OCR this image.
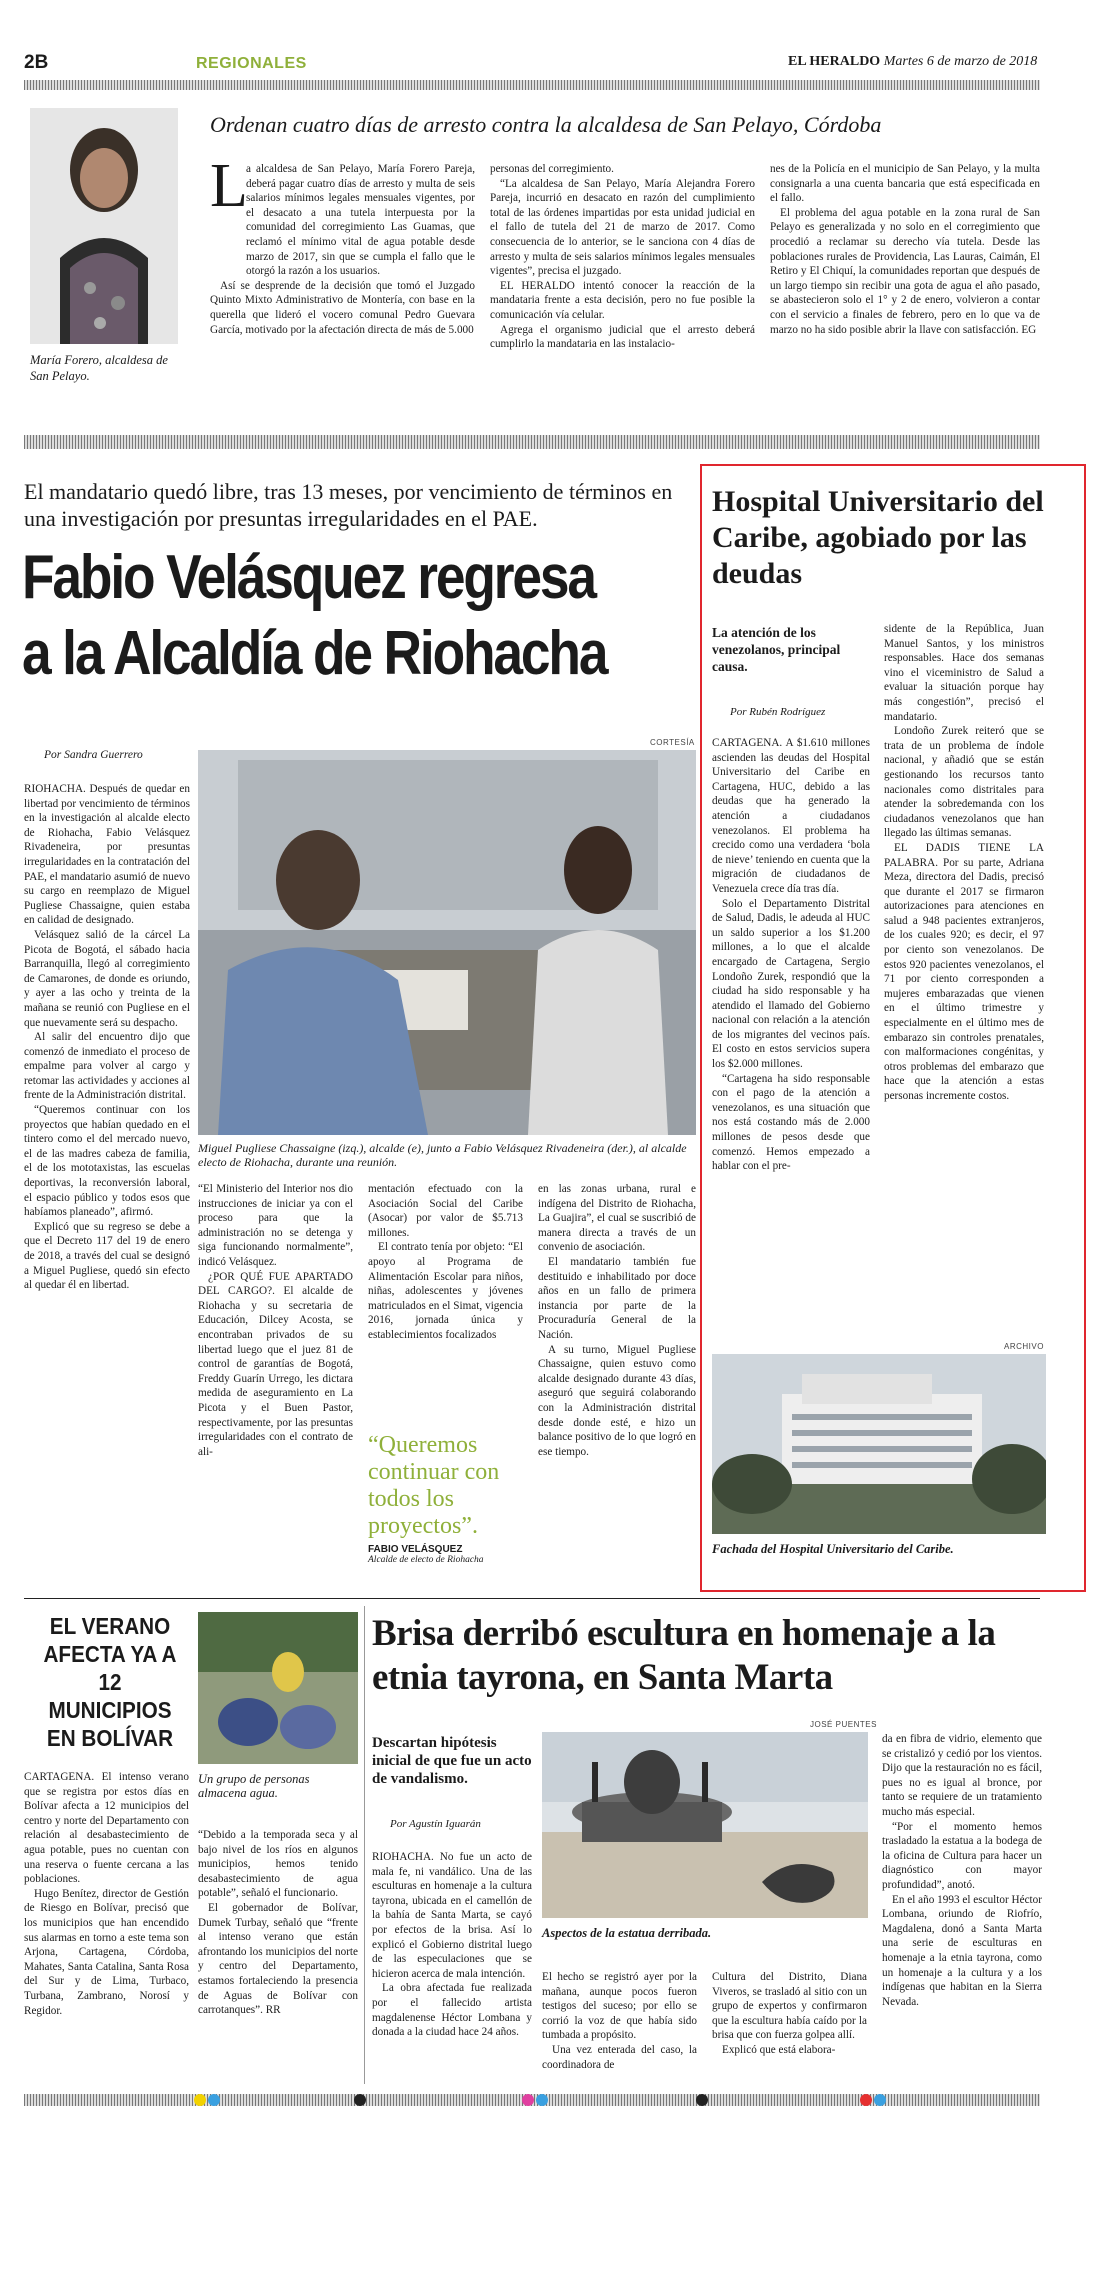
2B	REGIONALES	EL HERALDO Martes 6 de marzo de 2018
María Forero, alcaldesa de San Pelayo.
Ordenan cuatro días de arresto contra la alcaldesa de San Pelayo, Córdoba
L

a alcaldesa de San Pelayo, María Forero Pareja, deberá pagar cuatro días de arresto y multa de seis salarios mínimos legales mensuales vigentes, por el desacato a una tutela interpuesta por la comunidad del corregimiento Las Guamas, que reclamó el mínimo vital de agua potable desde marzo de 2017, sin que se cumpla el fallo que le otorgó la razón a los usuarios.

Así se desprende de la decisión que tomó el Juzgado Quinto Mixto Administrativo de Montería, con base en la querella que lideró el vocero comunal Pedro Guevara García, motivado por la afectación directa de más de 5.000

personas del corregimiento.

“La alcaldesa de San Pelayo, María Alejandra Forero Pareja, incurrió en desacato en razón del cumplimiento total de las órdenes impartidas por esta unidad judicial en el fallo de tutela del 21 de marzo de 2017. Como consecuencia de lo anterior, se le sanciona con 4 días de arresto y multa de seis salarios mínimos legales mensuales vigentes”, precisa el juzgado.

EL HERALDO intentó conocer la reacción de la mandataria frente a esta decisión, pero no fue posible la comunicación vía celular.

Agrega el organismo judicial que el arresto deberá cumplirlo la mandataria en las instalacio-

nes de la Policía en el municipio de San Pelayo, y la multa consignarla a una cuenta bancaria que está especificada en el fallo.

El problema del agua potable en la zona rural de San Pelayo es generalizada y no solo en el corregimiento que procedió a reclamar su derecho vía tutela. Desde las poblaciones rurales de Providencia, Las Lauras, Caimán, El Retiro y El Chiquí, la comunidades reportan que después de un largo tiempo sin recibir una gota de agua el año pasado, se abastecieron solo el 1° y 2 de enero, volvieron a contar con el servicio a finales de febrero, pero en lo que va de marzo no ha sido posible abrir la llave con satisfacción. EG

El mandatario quedó libre, tras 13 meses, por vencimiento de términos en una investigación por presuntas irregularidades en el PAE.
Fabio Velásquez regresa
a la Alcaldía de Riohacha
Por Sandra Guerrero

RIOHACHA. Después de quedar en libertad por vencimiento de términos en la investigación al alcalde electo de Riohacha, Fabio Velásquez Rivadeneira, por presuntas irregularidades en la contratación del PAE, el mandatario asumió de nuevo su cargo en reemplazo de Miguel Pugliese Chassaigne, quien estaba en calidad de designado.

Velásquez salió de la cárcel La Picota de Bogotá, el sábado hacia Barranquilla, llegó al corregimiento de Camarones, de donde es oriundo, y ayer a las ocho y treinta de la mañana se reunió con Pugliese en el que nuevamente será su despacho.

Al salir del encuentro dijo que comenzó de inmediato el proceso de empalme para volver al cargo y retomar las actividades y acciones al frente de la Administración distrital.

“Queremos continuar con los proyectos que habían quedado en el tintero como el del mercado nuevo, el de las madres cabeza de familia, el de los mototaxistas, las escuelas deportivas, la reconversión laboral, el espacio público y todos esos que habíamos planeado”, afirmó.

Explicó que su regreso se debe a que el Decreto 117 del 19 de enero de 2018, a través del cual se designó a Miguel Pugliese, quedó sin efecto al quedar él en libertad.

CORTESÍA
Miguel Pugliese Chassaigne (izq.), alcalde (e), junto a Fabio Velásquez Rivadeneira (der.), al alcalde electo de Riohacha, durante una reunión.

“El Ministerio del Interior nos dio instrucciones de iniciar ya con el proceso para que la administración no se detenga y siga funcionando normalmente”, indicó Velásquez.

¿POR QUÉ FUE APARTADO DEL CARGO?. El alcalde de Riohacha y su secretaria de Educación, Dilcey Acosta, se encontraban privados de su libertad luego que el juez 81 de control de garantías de Bogotá, Freddy Guarín Urrego, les dictara medida de aseguramiento en La Picota y el Buen Pastor, respectivamente, por las presuntas irregularidades con el contrato de ali-

mentación efectuado con la Asociación Social del Caribe (Asocar) por valor de $5.713 millones.

El contrato tenía por objeto: “El apoyo al Programa de Alimentación Escolar para niños, niñas, adolescentes y jóvenes matriculados en el Simat, vigencia 2016, jornada única y establecimientos focalizados

“Queremos continuar con todos los proyectos”.
FABIO VELÁSQUEZ
Alcalde de electo de Riohacha

en las zonas urbana, rural e indígena del Distrito de Riohacha, La Guajira”, el cual se suscribió de manera directa a través de un convenio de asociación.

El mandatario también fue destituido e inhabilitado por doce años en un fallo de primera instancia por parte de la Procuraduría General de la Nación.

A su turno, Miguel Pugliese Chassaigne, quien estuvo como alcalde designado durante 43 días, aseguró que seguirá colaborando con la Administración distrital desde donde esté, e hizo un balance positivo de lo que logró en ese tiempo.

Hospital Universitario del Caribe, agobiado por las deudas
La atención de los venezolanos, principal causa.
Por Rubén Rodríguez

CARTAGENA. A $1.610 millones ascienden las deudas del Hospital Universitario del Caribe en Cartagena, HUC, debido a las deudas que ha generado la atención a ciudadanos venezolanos. El problema ha crecido como una verdadera ‘bola de nieve’ teniendo en cuenta que la migración de ciudadanos de Venezuela crece día tras día.

Solo el Departamento Distrital de Salud, Dadis, le adeuda al HUC un saldo superior a los $1.200 millones, a lo que el alcalde encargado de Cartagena, Sergio Londoño Zurek, respondió que la ciudad ha sido responsable y ha atendido el llamado del Gobierno nacional con relación a la atención de los migrantes del vecinos país. El costo en estos servicios supera los $2.000 millones.

“Cartagena ha sido responsable con el pago de la atención a venezolanos, es una situación que nos está costando más de 2.000 millones de pesos desde que comenzó. Hemos empezado a hablar con el pre-

sidente de la República, Juan Manuel Santos, y los ministros responsables. Hace dos semanas vino el viceministro de Salud a evaluar la situación porque hay más congestión”, precisó el mandatario.

Londoño Zurek reiteró que se trata de un problema de índole nacional, y añadió que se están gestionando los recursos tanto nacionales como distritales para atender la sobredemanda con los ciudadanos venezolanos que han llegado las últimas semanas.

EL DADIS TIENE LA PALABRA. Por su parte, Adriana Meza, directora del Dadis, precisó que durante el 2017 se firmaron autorizaciones para atenciones en salud a 948 pacientes extranjeros, de los cuales 920; es decir, el 97 por ciento son venezolanos. De estos 920 pacientes venezolanos, el 71 por ciento corresponden a mujeres embarazadas que vienen en el último trimestre y especialmente en el último mes de embarazo sin controles prenatales, con malformaciones congénitas, y otros problemas del embarazo que hace que la atención a estas personas incremente costos.

ARCHIVO
Fachada del Hospital Universitario del Caribe.
EL VERANO AFECTA YA A 12 MUNICIPIOS EN BOLÍVAR
Un grupo de personas almacena agua.

CARTAGENA. El intenso verano que se registra por estos días en Bolívar afecta a 12 municipios del centro y norte del Departamento con relación al desabastecimiento de agua potable, pues no cuentan con una reserva o fuente cercana a las poblaciones.

Hugo Benítez, director de Gestión de Riesgo en Bolívar, precisó que los municipios que han encendido sus alarmas en torno a este tema son Arjona, Cartagena, Córdoba, Mahates, Santa Catalina, Santa Rosa del Sur y de Lima, Turbaco, Turbana, Zambrano, Norosí y Regidor.

“Debido a la temporada seca y al bajo nivel de los ríos en algunos municipios, hemos tenido desabastecimiento de agua potable”, señaló el funcionario.

El gobernador de Bolívar, Dumek Turbay, señaló que “frente al intenso verano que están afrontando los municipios del norte y centro del Departamento, estamos fortaleciendo la presencia de Aguas de Bolívar con carrotanques”. RR

Brisa derribó escultura en homenaje a la etnia tayrona, en Santa Marta
Descartan hipótesis inicial de que fue un acto de vandalismo.
Por Agustín Iguarán
JOSÉ PUENTES
Aspectos de la estatua derribada.

RIOHACHA. No fue un acto de mala fe, ni vandálico. Una de las esculturas en homenaje a la cultura tayrona, ubicada en el camellón de la bahía de Santa Marta, se cayó por efectos de la brisa. Así lo explicó el Gobierno distrital luego de las especulaciones que se hicieron acerca de mala intención.

La obra afectada fue realizada por el fallecido artista magdalenense Héctor Lombana y donada a la ciudad hace 24 años.

El hecho se registró ayer por la mañana, aunque pocos fueron testigos del suceso; por ello se corrió la voz de que había sido tumbada a propósito.

Una vez enterada del caso, la coordinadora de

Cultura del Distrito, Diana Viveros, se trasladó al sitio con un grupo de expertos y confirmaron que la escultura había caído por la brisa que con fuerza golpea allí.

Explicó que está elabora-

da en fibra de vidrio, elemento que se cristalizó y cedió por los vientos. Dijo que la restauración no es fácil, pues no es igual al bronce, por tanto se requiere de un tratamiento mucho más especial.

“Por el momento hemos trasladado la estatua a la bodega de la oficina de Cultura para hacer un diagnóstico con mayor profundidad”, anotó.

En el año 1993 el escultor Héctor Lombana, oriundo de Riofrío, Magdalena, donó a Santa Marta una serie de esculturas en homenaje a la etnia tayrona, como un homenaje a la cultura y a los indígenas que habitan en la Sierra Nevada.
